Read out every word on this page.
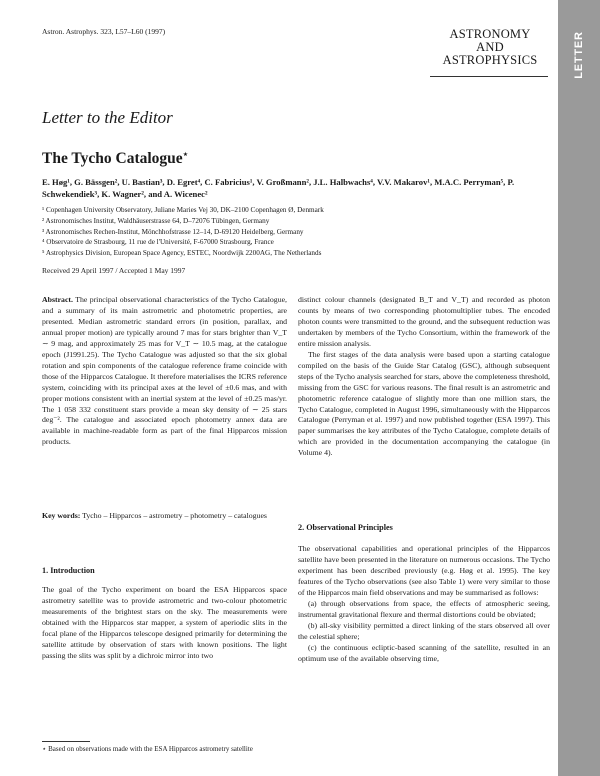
LETTER
Astron. Astrophys. 323, L57–L60 (1997)	ASTRONOMY
AND
ASTROPHYSICS
Letter to the Editor
The Tycho Catalogue⋆
E. Høg¹, G. Bässgen², U. Bastian³, D. Egret⁴, C. Fabricius¹, V. Großmann², J.L. Halbwachs⁴, V.V. Makarov¹, M.A.C. Perryman⁵, P. Schwekendiek³, K. Wagner², and A. Wicenec²
¹ Copenhagen University Observatory, Juliane Maries Vej 30, DK–2100 Copenhagen Ø, Denmark
² Astronomisches Institut, Waldhäuserstrasse 64, D–72076 Tübingen, Germany
³ Astronomisches Rechen-Institut, Mönchhofstrasse 12–14, D-69120 Heidelberg, Germany
⁴ Observatoire de Strasbourg, 11 rue de l'Université, F-67000 Strasbourg, France
⁵ Astrophysics Division, European Space Agency, ESTEC, Noordwijk 2200AG, The Netherlands
Received 29 April 1997 / Accepted 1 May 1997
Abstract. The principal observational characteristics of the Tycho Catalogue, and a summary of its main astrometric and photometric properties, are presented. Median astrometric standard errors (in position, parallax, and annual proper motion) are typically around 7 mas for stars brighter than V_T ∼ 9 mag, and approximately 25 mas for V_T ∼ 10.5 mag, at the catalogue epoch (J1991.25). The Tycho Catalogue was adjusted so that the six global rotation and spin components of the catalogue reference frame coincide with those of the Hipparcos Catalogue. It therefore materialises the ICRS reference system, coinciding with its principal axes at the level of ±0.6 mas, and with proper motions consistent with an inertial system at the level of ±0.25 mas/yr. The 1 058 332 constituent stars provide a mean sky density of ∼ 25 stars deg⁻². The catalogue and associated epoch photometry annex data are available in machine-readable form as part of the final Hipparcos mission products.
Key words: Tycho – Hipparcos – astrometry – photometry – catalogues
1. Introduction
The goal of the Tycho experiment on board the ESA Hipparcos space astrometry satellite was to provide astrometric and two-colour photometric measurements of the brightest stars on the sky. The measurements were obtained with the Hipparcos star mapper, a system of aperiodic slits in the focal plane of the Hipparcos telescope designed primarily for determining the satellite attitude by observation of stars with known positions. The light passing the slits was split by a dichroic mirror into two
⋆ Based on observations made with the ESA Hipparcos astrometry satellite

distinct colour channels (designated B_T and V_T) and recorded as photon counts by means of two corresponding photomultiplier tubes. The encoded photon counts were transmitted to the ground, and the subsequent reduction was undertaken by members of the Tycho Consortium, within the framework of the entire mission analysis.

The first stages of the data analysis were based upon a starting catalogue compiled on the basis of the Guide Star Catalog (GSC), although subsequent steps of the Tycho analysis searched for stars, above the completeness threshold, missing from the GSC for various reasons. The final result is an astrometric and photometric reference catalogue of slightly more than one million stars, the Tycho Catalogue, completed in August 1996, simultaneously with the Hipparcos Catalogue (Perryman et al. 1997) and now published together (ESA 1997). This paper summarises the key attributes of the Tycho Catalogue, complete details of which are provided in the documentation accompanying the catalogue (in Volume 4).

2. Observational Principles

The observational capabilities and operational principles of the Hipparcos satellite have been presented in the literature on numerous occasions. The Tycho experiment has been described previously (e.g. Høg et al. 1995). The key features of the Tycho observations (see also Table 1) were very similar to those of the Hipparcos main field observations and may be summarised as follows:

(a) through observations from space, the effects of atmospheric seeing, instrumental gravitational flexure and thermal distortions could be obviated;

(b) all-sky visibility permitted a direct linking of the stars observed all over the celestial sphere;

(c) the continuous ecliptic-based scanning of the satellite, resulted in an optimum use of the available observing time,
